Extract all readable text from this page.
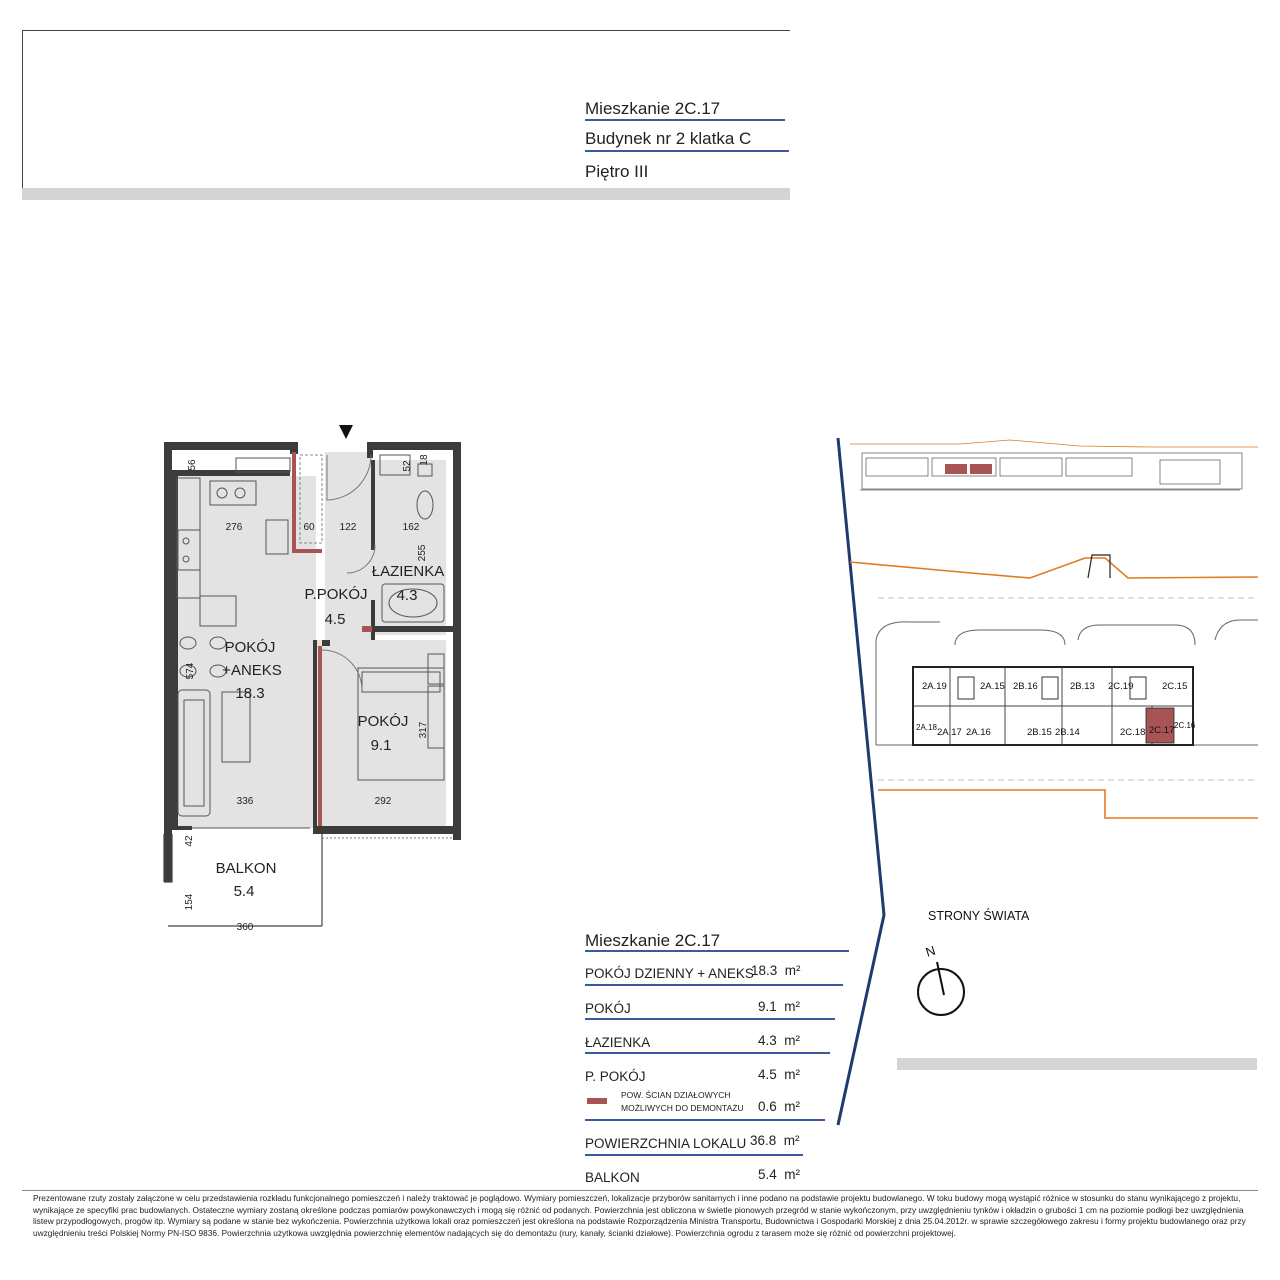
Mieszkanie 2C.17
Budynek nr 2 klatka C
Piętro III
56
276	60	122	162
52
18
255
574
317
336	292
42
154
360
POKÓJ
+ANEKS
18.3
P.POKÓJ
4.5
ŁAZIENKA
4.3
POKÓJ
9.1
BALKON
5.4
2A.19	2A.15 2B.16	2B.13 2C.19	2C.15
2A.18 2A.17 2A.16	2B.15 2B.14	2C.18 2C.17 2C.16
STRONY ŚWIATA
N
Mieszkanie 2C.17
POKÓJ DZIENNY + ANEKS
18.3 m²
POKÓJ	9.1 m²
ŁAZIENKA	4.3 m²
P. POKÓJ	4.5 m²
POW. ŚCIAN DZIAŁOWYCH
MOŻLIWYCH DO DEMONTAŻU 0.6 m²
POWIERZCHNIA LOKALU 36.8 m²
BALKON	5.4 m²
Prezentowane rzuty zostały załączone w celu przedstawienia rozkładu funkcjonalnego pomieszczeń i należy traktować je poglądowo. Wymiary pomieszczeń, lokalizacje przyborów sanitarnych i inne podano na podstawie projektu budowlanego. W toku budowy mogą wystąpić różnice w stosunku do stanu wynikającego z projektu, wynikające ze specyfiki prac budowlanych. Ostateczne wymiary zostaną określone podczas pomiarów powykonawczych i mogą się różnić od podanych. Powierzchnia jest obliczona w świetle pionowych przegród w stanie wykończonym, przy uwzględnieniu tynków i okładzin o grubości 1 cm na poziomie podłogi bez uwzględnienia listew przypodłogowych, progów itp. Wymiary są podane w stanie bez wykończenia. Powierzchnia użytkowa lokali oraz pomieszczeń jest określona na podstawie Rozporządzenia Ministra Transportu, Budownictwa i Gospodarki Morskiej z dnia 25.04.2012r. w sprawie szczegółowego zakresu i formy projektu budowlanego oraz przy uwzględnieniu treści Polskiej Normy PN-ISO 9836. Powierzchnia użytkowa uwzględnia powierzchnię elementów nadających się do demontażu (rury, kanały, ścianki działowe). Powierzchnia ogrodu z tarasem może się różnić od powierzchni projektowej.
